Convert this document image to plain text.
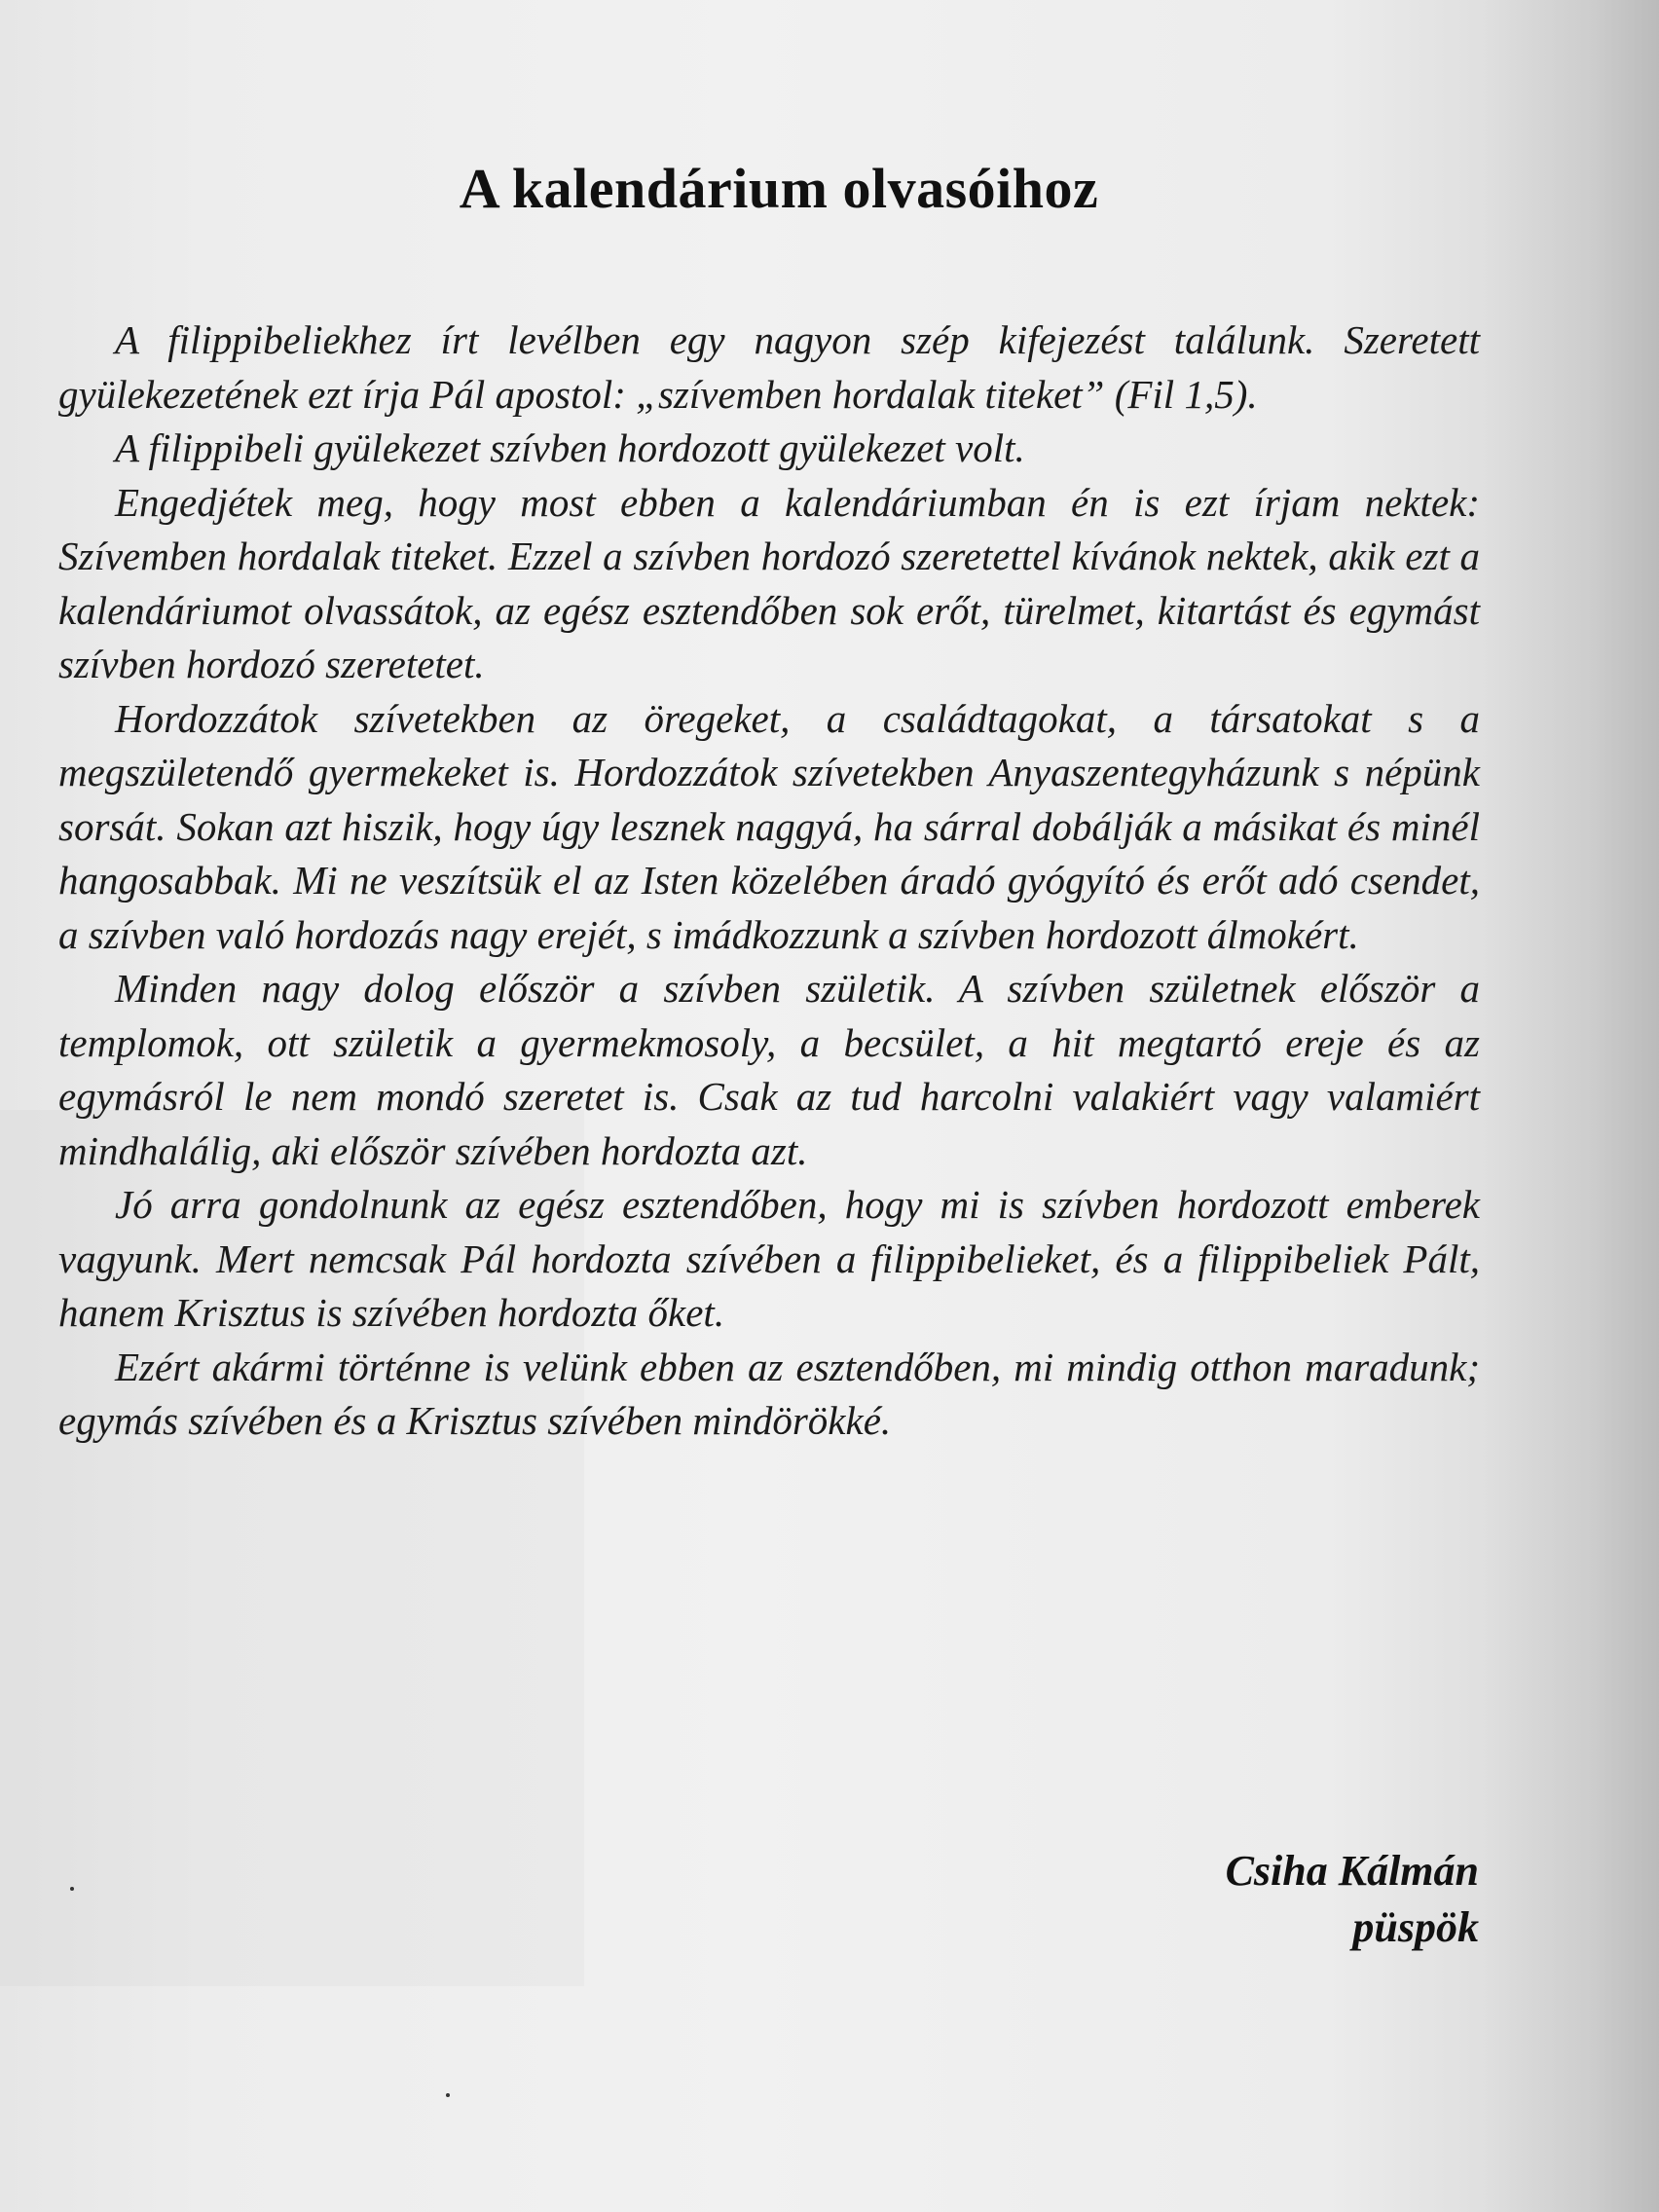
A kalendárium olvasóihoz

A filippibeliekhez írt levélben egy nagyon szép kifejezést találunk. Szeretett gyülekezetének ezt írja Pál apostol: „szívemben hordalak titeket” (Fil 1,5).

A filippibeli gyülekezet szívben hordozott gyülekezet volt.

Engedjétek meg, hogy most ebben a kalendáriumban én is ezt írjam nektek: Szívemben hordalak titeket. Ezzel a szívben hordozó szeretettel kívánok nektek, akik ezt a kalendáriumot olvassátok, az egész esztendőben sok erőt, türelmet, kitartást és egymást szívben hordozó szeretetet.

Hordozzátok szívetekben az öregeket, a családtagokat, a társatokat s a megszületendő gyermekeket is. Hordozzátok szívetekben Anyaszentegyházunk s népünk sorsát. Sokan azt hiszik, hogy úgy lesznek naggyá, ha sárral dobálják a másikat és minél hangosabbak. Mi ne veszítsük el az Isten közelében áradó gyógyító és erőt adó csendet, a szívben való hordozás nagy erejét, s imádkozzunk a szívben hordozott álmokért.

Minden nagy dolog először a szívben születik. A szívben születnek először a templomok, ott születik a gyermekmosoly, a becsület, a hit megtartó ereje és az egymásról le nem mondó szeretet is. Csak az tud harcolni valakiért vagy valamiért mindhalálig, aki először szívében hordozta azt.

Jó arra gondolnunk az egész esztendőben, hogy mi is szívben hordozott emberek vagyunk. Mert nemcsak Pál hordozta szívében a filippibelieket, és a filippibeliek Pált, hanem Krisztus is szívében hordozta őket.

Ezért akármi történne is velünk ebben az esztendőben, mi mindig otthon maradunk; egymás szívében és a Krisztus szívében mindörökké.

Csiha Kálmán
püspök
